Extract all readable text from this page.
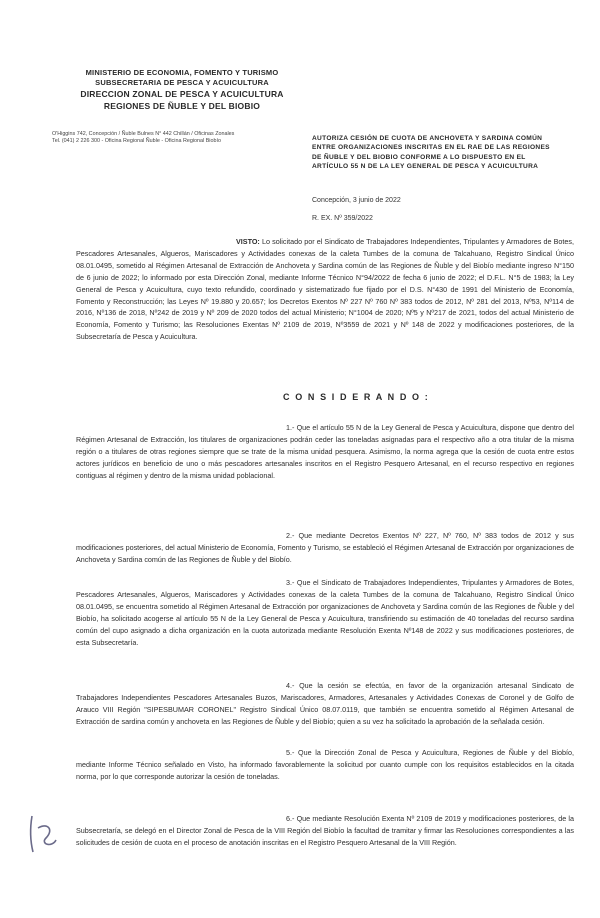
MINISTERIO DE ECONOMIA, FOMENTO Y TURISMO
SUBSECRETARIA DE PESCA Y ACUICULTURA
DIRECCION ZONAL DE PESCA Y ACUICULTURA
REGIONES DE ÑUBLE Y DEL BIOBIO
O'Higgins 742, Concepción / Ñuble Bulnes N° 442 Chillán / Oficinas Zonales
Tel. (041) 2 226 300 - Oficina Regional Ñuble - Oficina Regional Biobío	AUTORIZA CESIÓN DE CUOTA DE ANCHOVETA Y SARDINA COMÚN ENTRE ORGANIZACIONES INSCRITAS EN EL RAE DE LAS REGIONES DE ÑUBLE Y DEL BIOBIO CONFORME A LO DISPUESTO EN EL ARTÍCULO 55 N DE LA LEY GENERAL DE PESCA Y ACUICULTURA
Concepción, 3 junio de 2022
R. EX. Nº 359/2022
VISTO: Lo solicitado por el Sindicato de Trabajadores Independientes, Tripulantes y Armadores de Botes, Pescadores Artesanales, Algueros, Mariscadores y Actividades conexas de la caleta Tumbes de la comuna de Talcahuano, Registro Sindical Único 08.01.0495, sometido al Régimen Artesanal de Extracción de Anchoveta y Sardina común de las Regiones de Ñuble y del Biobío mediante ingreso N°150 de 6 junio de 2022; lo informado por esta Dirección Zonal, mediante Informe Técnico N°94/2022 de fecha 6 junio de 2022; el D.F.L. N°5 de 1983; la Ley General de Pesca y Acuicultura, cuyo texto refundido, coordinado y sistematizado fue fijado por el D.S. N°430 de 1991 del Ministerio de Economía, Fomento y Reconstrucción; las Leyes Nº 19.880 y 20.657; los Decretos Exentos Nº 227 Nº 760 Nº 383 todos de 2012, Nº 281 del 2013, Nº53, Nº114 de 2016, Nº136 de 2018, Nº242 de 2019 y Nº 209 de 2020 todos del actual Ministerio; N°1004 de 2020; Nº5 y Nº217 de 2021, todos del actual Ministerio de Economía, Fomento y Turismo; las Resoluciones Exentas Nº 2109 de 2019, Nº3559 de 2021 y Nº 148 de 2022 y modificaciones posteriores, de la Subsecretaría de Pesca y Acuicultura.
C O N S I D E R A N D O :
1.- Que el artículo 55 N de la Ley General de Pesca y Acuicultura, dispone que dentro del Régimen Artesanal de Extracción, los titulares de organizaciones podrán ceder las toneladas asignadas para el respectivo año a otra titular de la misma región o a titulares de otras regiones siempre que se trate de la misma unidad pesquera. Asimismo, la norma agrega que la cesión de cuota entre estos actores jurídicos en beneficio de uno o más pescadores artesanales inscritos en el Registro Pesquero Artesanal, en el recurso respectivo en regiones contiguas al régimen y dentro de la misma unidad poblacional.
2.- Que mediante Decretos Exentos Nº 227, Nº 760, Nº 383 todos de 2012 y sus modificaciones posteriores, del actual Ministerio de Economía, Fomento y Turismo, se estableció el Régimen Artesanal de Extracción por organizaciones de Anchoveta y Sardina común de las Regiones de Ñuble y del Biobío.
3.- Que el Sindicato de Trabajadores Independientes, Tripulantes y Armadores de Botes, Pescadores Artesanales, Algueros, Mariscadores y Actividades conexas de la caleta Tumbes de la comuna de Talcahuano, Registro Sindical Único 08.01.0495, se encuentra sometido al Régimen Artesanal de Extracción por organizaciones de Anchoveta y Sardina común de las Regiones de Ñuble y del Biobío, ha solicitado acogerse al artículo 55 N de la Ley General de Pesca y Acuicultura, transfiriendo su estimación de 40 toneladas del recurso sardina común del cupo asignado a dicha organización en la cuota autorizada mediante Resolución Exenta Nº148 de 2022 y sus modificaciones posteriores, de esta Subsecretaría.
4.- Que la cesión se efectúa, en favor de la organización artesanal Sindicato de Trabajadores Independientes Pescadores Artesanales Buzos, Mariscadores, Armadores, Artesanales y Actividades Conexas de Coronel y de Golfo de Arauco VIII Región "SIPESBUMAR CORONEL" Registro Sindical Único 08.07.0119, que también se encuentra sometido al Régimen Artesanal de Extracción de sardina común y anchoveta en las Regiones de Ñuble y del Biobío; quien a su vez ha solicitado la aprobación de la señalada cesión.
5.- Que la Dirección Zonal de Pesca y Acuicultura, Regiones de Ñuble y del Biobío, mediante Informe Técnico señalado en Visto, ha informado favorablemente la solicitud por cuanto cumple con los requisitos establecidos en la citada norma, por lo que corresponde autorizar la cesión de toneladas.
6.- Que mediante Resolución Exenta Nº 2109 de 2019 y modificaciones posteriores, de la Subsecretaría, se delegó en el Director Zonal de Pesca de la VIII Región del Biobío la facultad de tramitar y firmar las Resoluciones correspondientes a las solicitudes de cesión de cuota en el proceso de anotación inscritas en el Registro Pesquero Artesanal de la VIII Región.
